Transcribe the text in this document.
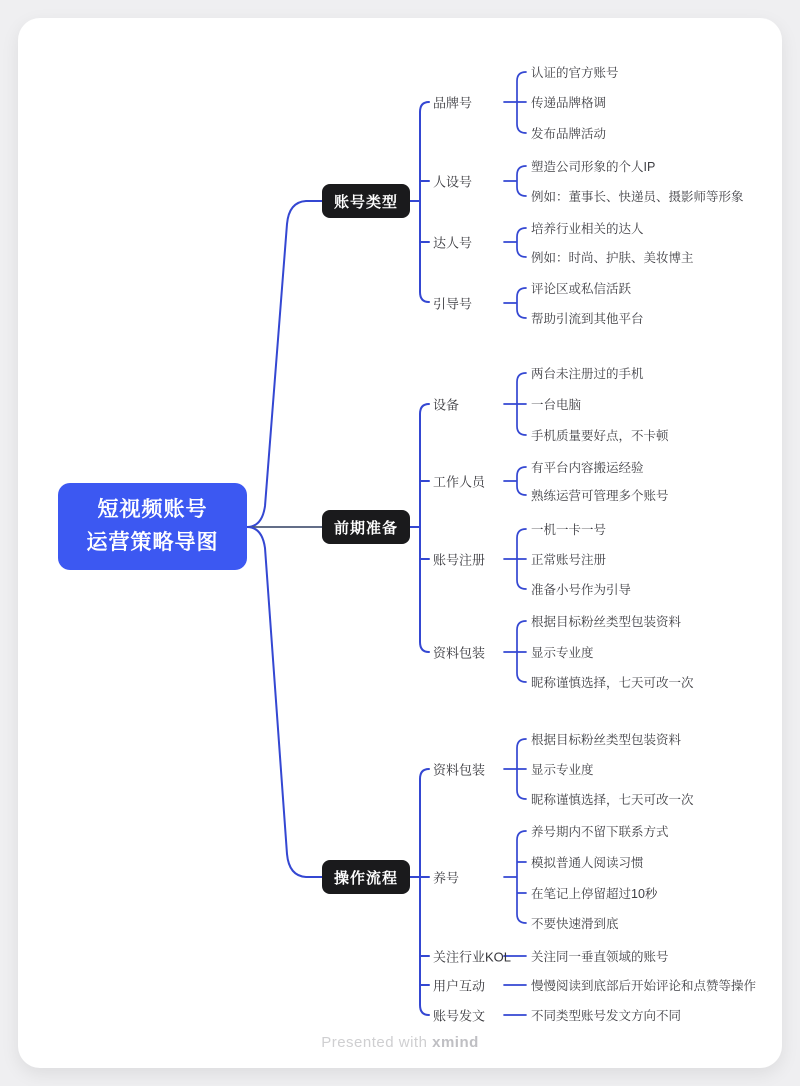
短视频账号
运营策略导图
账号类型
前期准备
操作流程
品牌号
人设号
达人号
引导号
认证的官方账号
传递品牌格调
发布品牌活动
塑造公司形象的个人IP
例如：董事长、快递员、摄影师等形象
培养行业相关的达人
例如：时尚、护肤、美妆博主
评论区或私信活跃
帮助引流到其他平台
设备
工作人员
账号注册
资料包装
两台未注册过的手机
一台电脑
手机质量要好点，不卡顿
有平台内容搬运经验
熟练运营可管理多个账号
一机一卡一号
正常账号注册
准备小号作为引导
根据目标粉丝类型包装资料
显示专业度
昵称谨慎选择，七天可改一次
资料包装
养号
关注行业KOL
用户互动
账号发文
根据目标粉丝类型包装资料
显示专业度
昵称谨慎选择，七天可改一次
养号期内不留下联系方式
模拟普通人阅读习惯
在笔记上停留超过10秒
不要快速滑到底
关注同一垂直领域的账号
慢慢阅读到底部后开始评论和点赞等操作
不同类型账号发文方向不同
Presented with xmind
